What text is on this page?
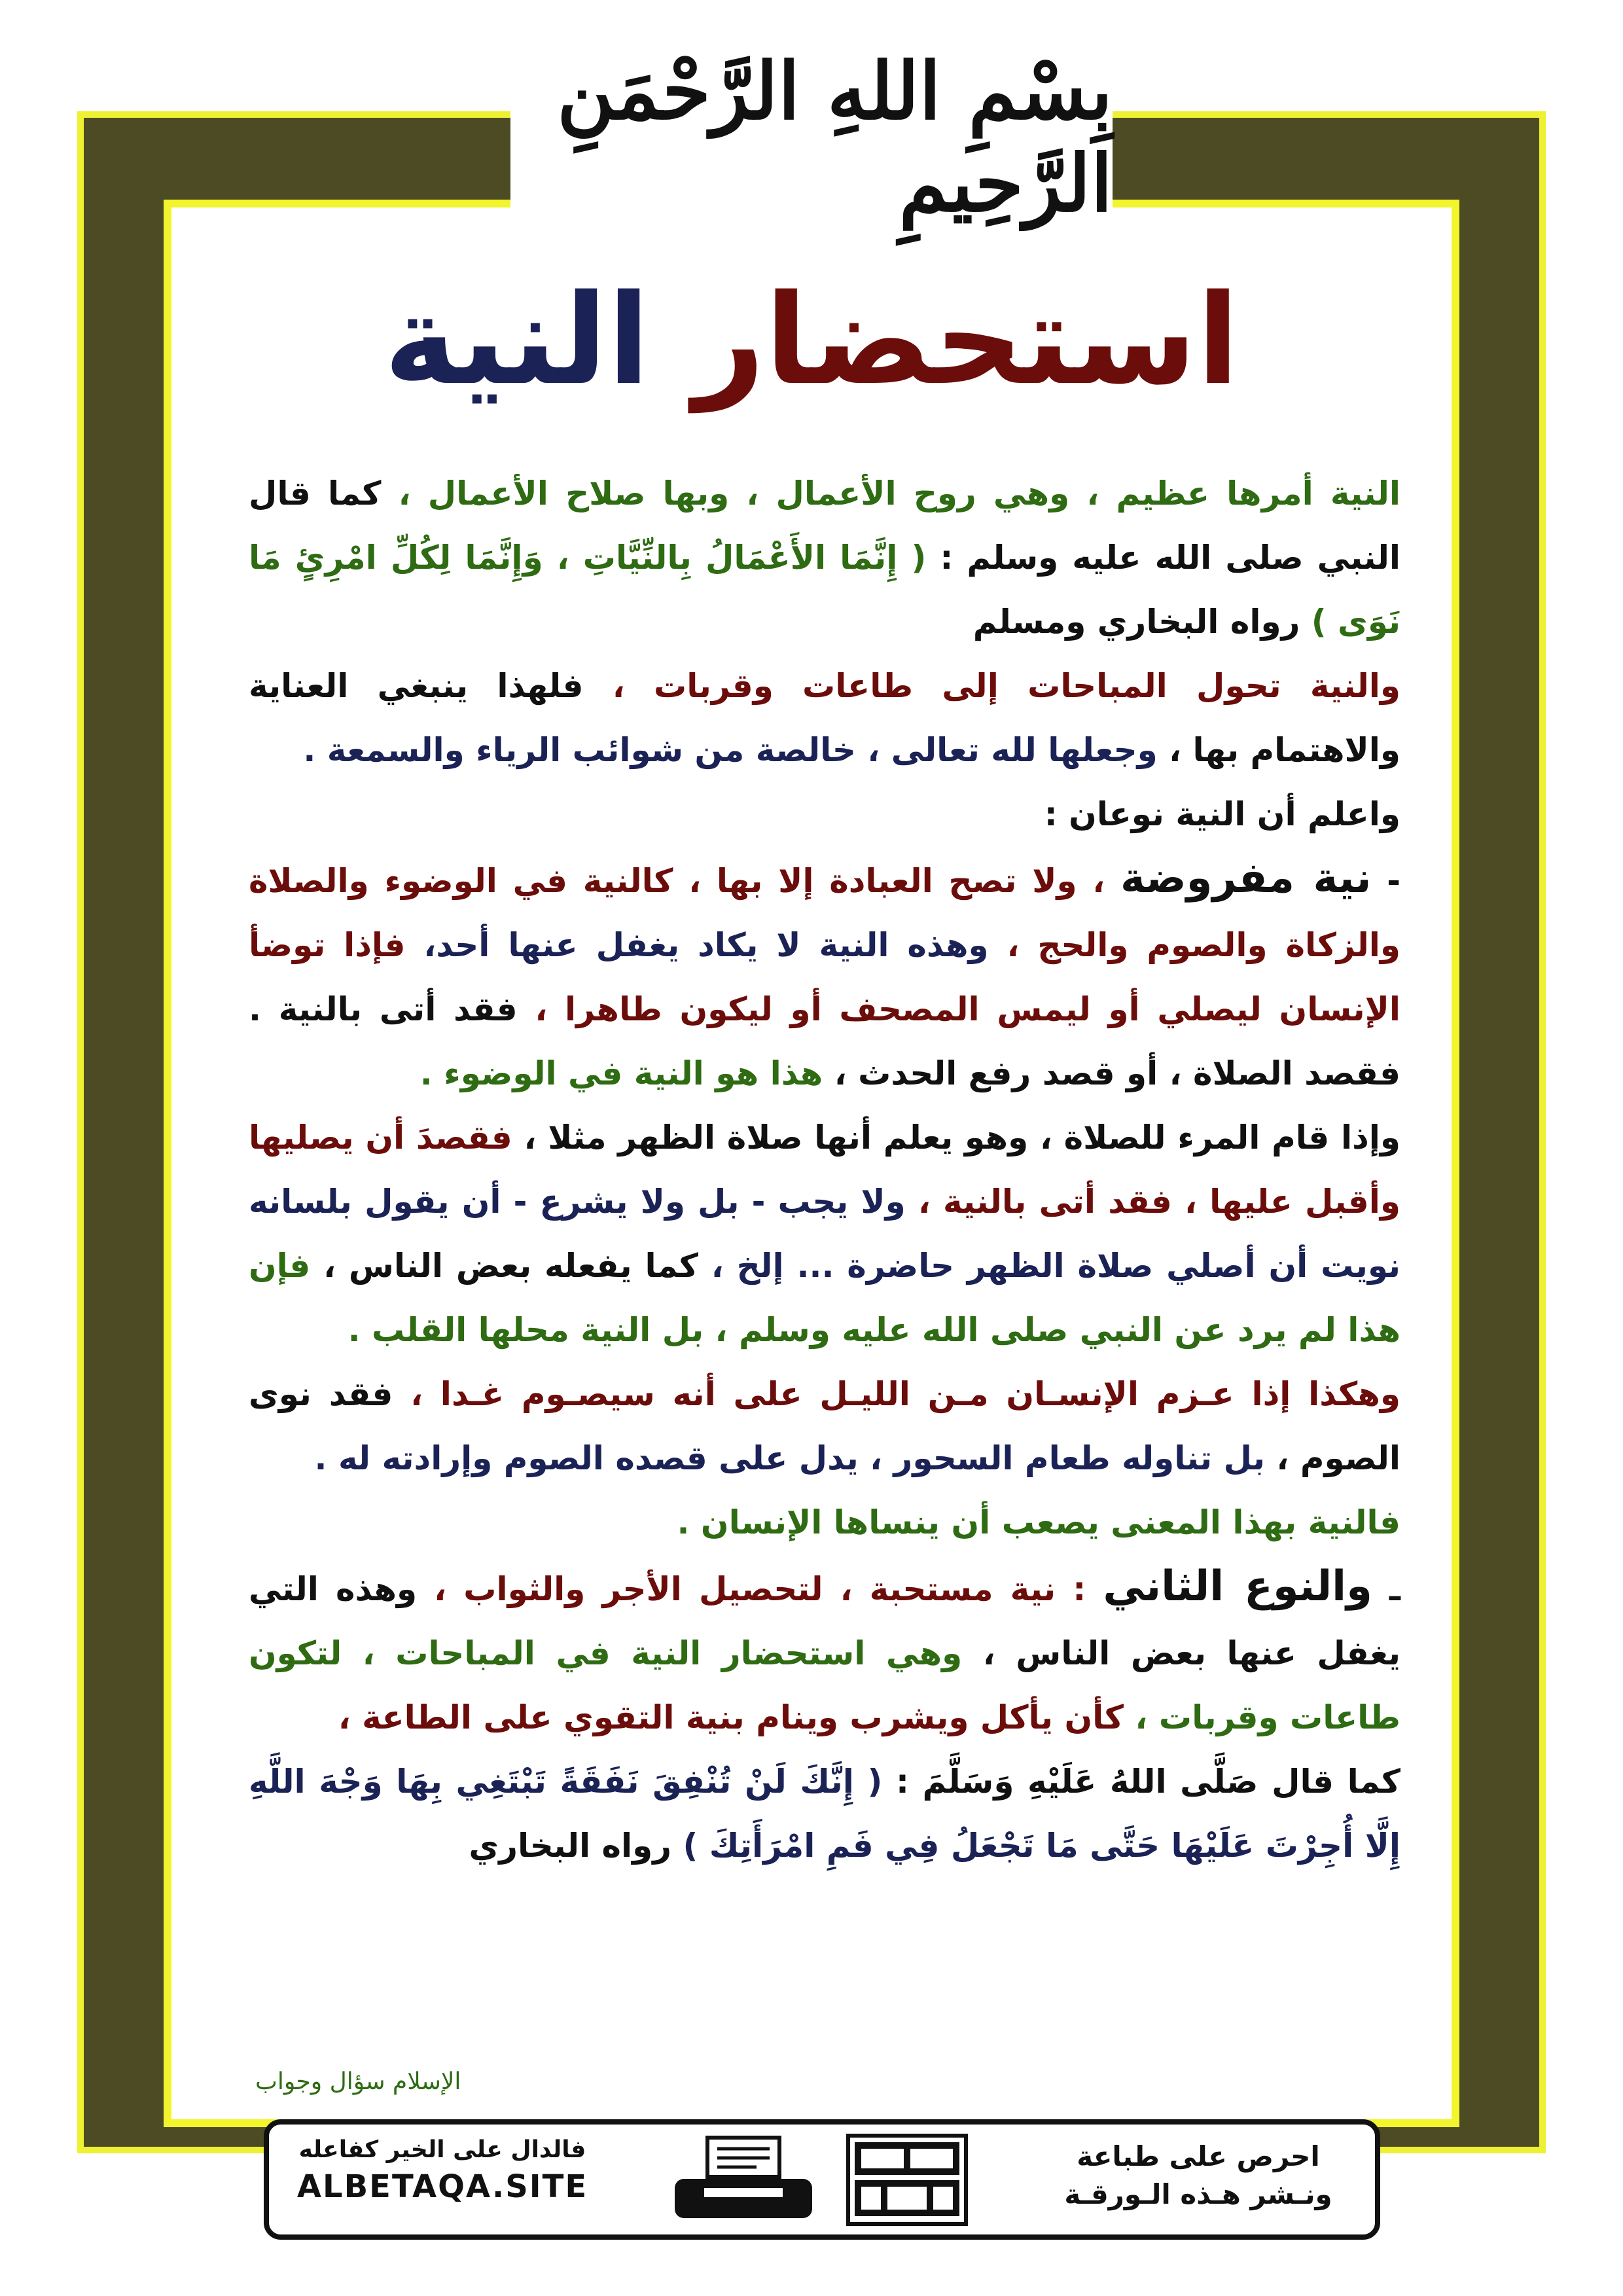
بِسْمِ اللهِ الرَّحْمَنِ الرَّحِيمِ
استحضار النية

النية أمرها عظيم ، وهي روح الأعمال ، وبها صلاح الأعمال ، كما قال النبي صلى الله عليه وسلم : ( إِنَّمَا الأَعْمَالُ بِالنِّيَّاتِ ، وَإِنَّمَا لِكُلِّ امْرِئٍ مَا نَوَى ) رواه البخاري ومسلم

والنية تحول المباحات إلى طاعات وقربات ، فلهذا ينبغي العناية والاهتمام بها ، وجعلها لله تعالى ، خالصة من شوائب الرياء والسمعة .

واعلم أن النية نوعان :

- نية مفروضة ، ولا تصح العبادة إلا بها ، كالنية في الوضوء والصلاة والزكاة والصوم والحج ، وهذه النية لا يكاد يغفل عنها أحد، فإذا توضأ الإنسان ليصلي أو ليمس المصحف أو ليكون طاهرا ، فقد أتى بالنية . فقصد الصلاة ، أو قصد رفع الحدث ، هذا هو النية في الوضوء .

وإذا قام المرء للصلاة ، وهو يعلم أنها صلاة الظهر مثلا ، فقصدَ أن يصليها وأقبل عليها ، فقد أتى بالنية ، ولا يجب - بل ولا يشرع - أن يقول بلسانه نويت أن أصلي صلاة الظهر حاضرة ... إلخ ، كما يفعله بعض الناس ، فإن هذا لم يرد عن النبي صلى الله عليه وسلم ، بل النية محلها القلب .

وهكذا إذا عـزم الإنسـان مـن الليـل على أنه سيصـوم غـدا ، فقد نوى الصوم ، بل تناوله طعام السحور ، يدل على قصده الصوم وإرادته له .

فالنية بهذا المعنى يصعب أن ينساها الإنسان .

ـ والنوع الثاني : نية مستحبة ، لتحصيل الأجر والثواب ، وهذه التي يغفل عنها بعض الناس ، وهي استحضار النية في المباحات ، لتكون طاعات وقربات ، كأن يأكل ويشرب وينام بنية التقوي على الطاعة ،

كما قال صَلَّى اللهُ عَلَيْهِ وَسَلَّمَ : ( إِنَّكَ لَنْ تُنْفِقَ نَفَقَةً تَبْتَغِي بِهَا وَجْهَ اللَّهِ إِلَّا أُجِرْتَ عَلَيْهَا حَتَّى مَا تَجْعَلُ فِي فَمِ امْرَأَتِكَ ) رواه البخاري

الإسلام سؤال وجواب
فالدال على الخير كفاعله
ALBETAQA.SITE
احرص على طباعة
ونـشر هـذه الـورقـة
